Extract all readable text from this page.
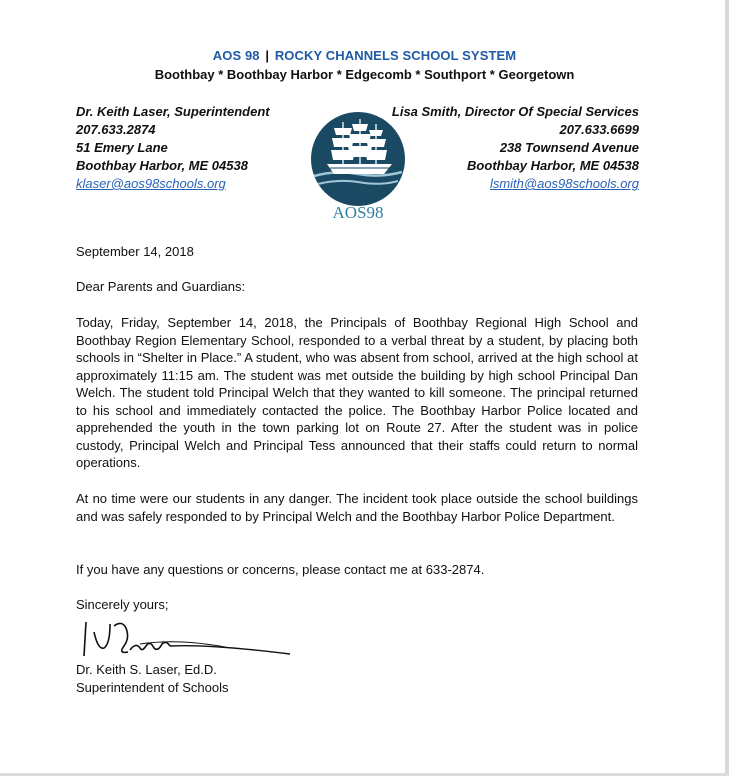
AOS 98 | ROCKY CHANNELS SCHOOL SYSTEM
Boothbay * Boothbay Harbor * Edgecomb * Southport * Georgetown
Dr. Keith Laser, Superintendent
207.633.2874
51 Emery Lane
Boothbay Harbor, ME 04538
klaser@aos98schools.org
Lisa Smith, Director Of Special Services
207.633.6699
238 Townsend Avenue
Boothbay Harbor, ME 04538
lsmith@aos98schools.org
AOS98
September 14, 2018
Dear Parents and Guardians:
Today, Friday, September 14, 2018, the Principals of Boothbay Regional High School and Boothbay Region Elementary School, responded to a verbal threat by a student, by placing both schools in “Shelter in Place.” A student, who was absent from school, arrived at the high school at approximately 11:15 am. The student was met outside the building by high school Principal Dan Welch. The student told Principal Welch that they wanted to kill someone. The principal returned to his school and immediately contacted the police. The Boothbay Harbor Police located and apprehended the youth in the town parking lot on Route 27. After the student was in police custody, Principal Welch and Principal Tess announced that their staffs could return to normal operations.
At no time were our students in any danger. The incident took place outside the school buildings and was safely responded to by Principal Welch and the Boothbay Harbor Police Department.
If you have any questions or concerns, please contact me at 633-2874.
Sincerely yours;
Dr. Keith S. Laser, Ed.D.
Superintendent of Schools
